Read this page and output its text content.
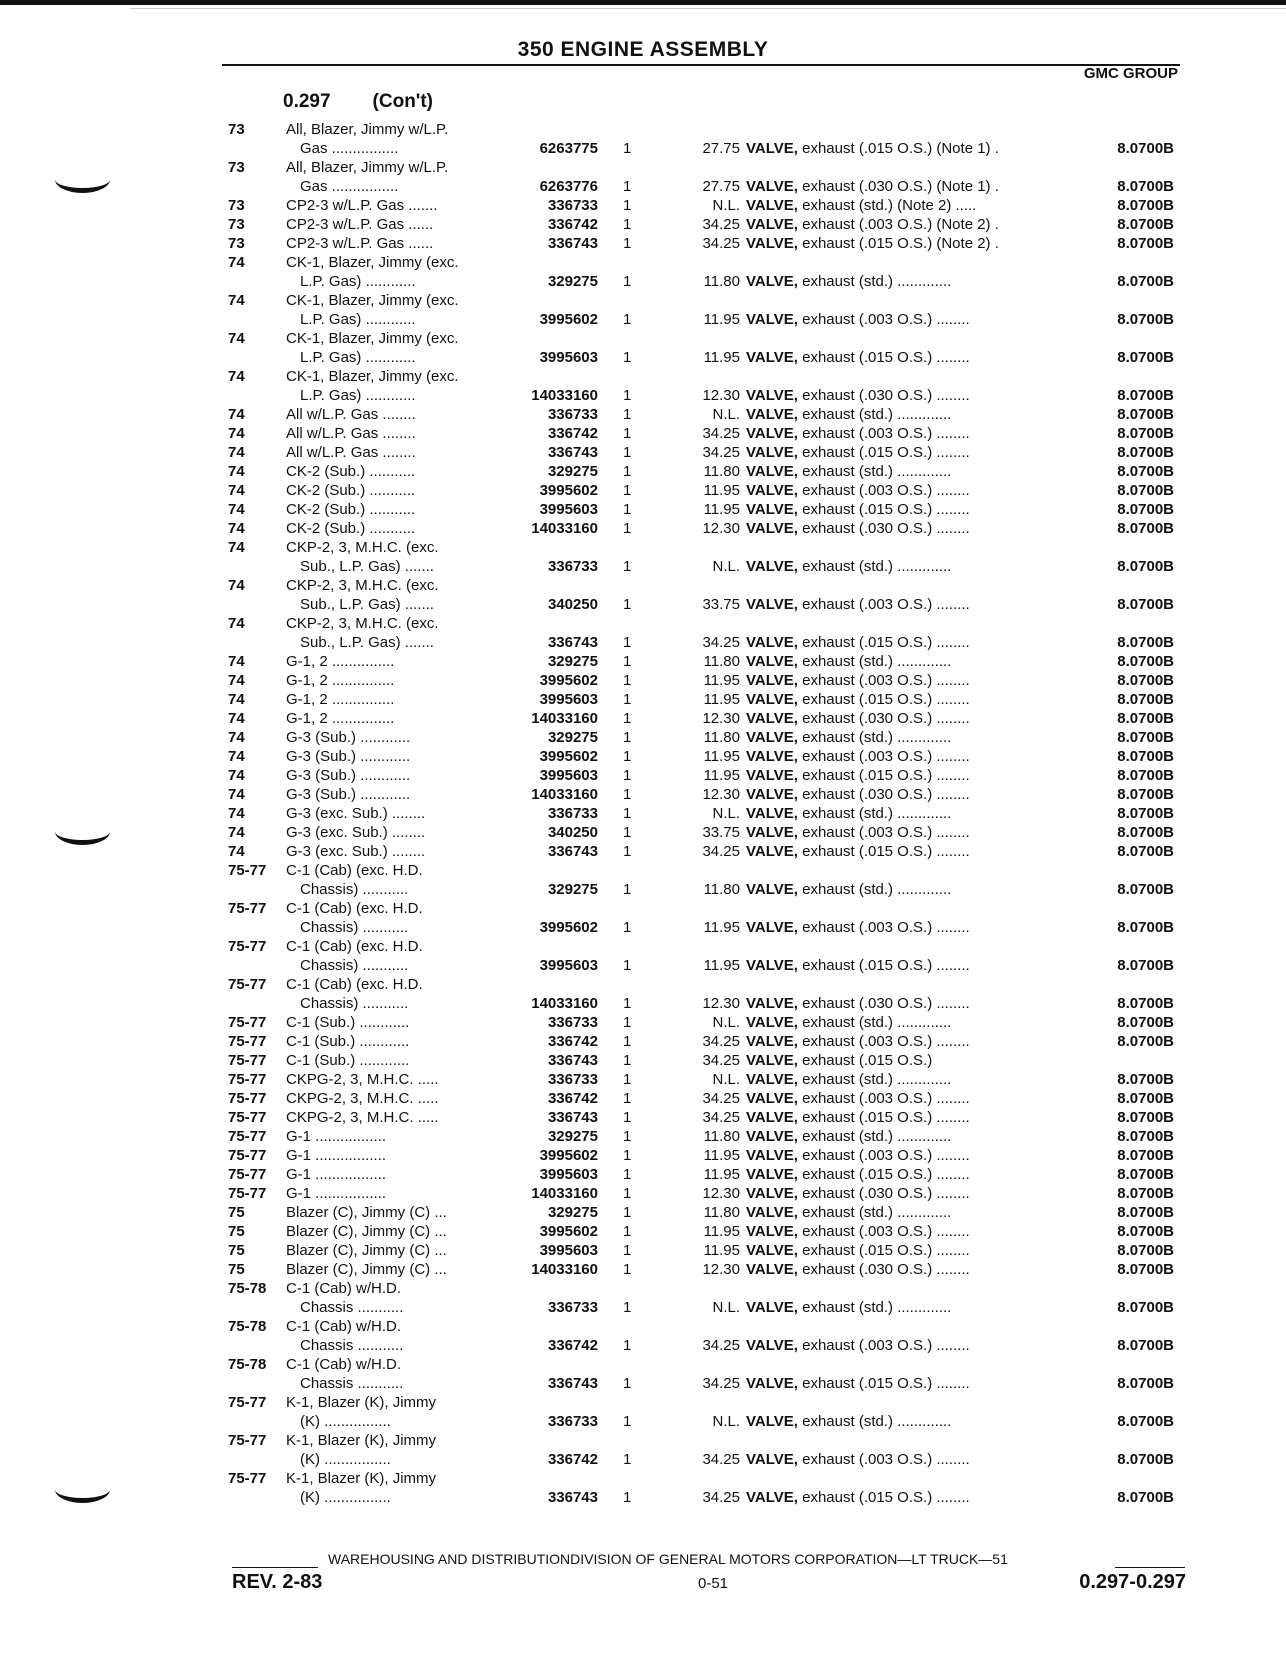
350 ENGINE ASSEMBLY
GMC GROUP
0.297 (Con't)
73	All, Blazer, Jimmy w/L.P.
Gas ................	6263775 1	27.75 VALVE, exhaust (.015 O.S.) (Note 1) .	8.0700B
73	All, Blazer, Jimmy w/L.P.
Gas ................	6263776 1	27.75 VALVE, exhaust (.030 O.S.) (Note 1) .	8.0700B
73	CP2-3 w/L.P. Gas .......	336733 1	N.L. VALVE, exhaust (std.) (Note 2) .....	8.0700B
73	CP2-3 w/L.P. Gas ......	336742 1	34.25 VALVE, exhaust (.003 O.S.) (Note 2) .	8.0700B
73	CP2-3 w/L.P. Gas ......	336743 1	34.25 VALVE, exhaust (.015 O.S.) (Note 2) .	8.0700B
74	CK-1, Blazer, Jimmy (exc.
L.P. Gas) ............	329275 1	11.80 VALVE, exhaust (std.) .............	8.0700B
74	CK-1, Blazer, Jimmy (exc.
L.P. Gas) ............	3995602 1	11.95 VALVE, exhaust (.003 O.S.) ........	8.0700B
74	CK-1, Blazer, Jimmy (exc.
L.P. Gas) ............	3995603 1	11.95 VALVE, exhaust (.015 O.S.) ........	8.0700B
74	CK-1, Blazer, Jimmy (exc.
L.P. Gas) ............	14033160 1	12.30 VALVE, exhaust (.030 O.S.) ........	8.0700B
74	All w/L.P. Gas ........	336733 1	N.L. VALVE, exhaust (std.) .............	8.0700B
74	All w/L.P. Gas ........	336742 1	34.25 VALVE, exhaust (.003 O.S.) ........	8.0700B
74	All w/L.P. Gas ........	336743 1	34.25 VALVE, exhaust (.015 O.S.) ........	8.0700B
74	CK-2 (Sub.) ...........	329275 1	11.80 VALVE, exhaust (std.) .............	8.0700B
74	CK-2 (Sub.) ...........	3995602 1	11.95 VALVE, exhaust (.003 O.S.) ........	8.0700B
74	CK-2 (Sub.) ...........	3995603 1	11.95 VALVE, exhaust (.015 O.S.) ........	8.0700B
74	CK-2 (Sub.) ...........	14033160 1	12.30 VALVE, exhaust (.030 O.S.) ........	8.0700B
74	CKP-2, 3, M.H.C. (exc.
Sub., L.P. Gas) .......	336733 1	N.L. VALVE, exhaust (std.) .............	8.0700B
74	CKP-2, 3, M.H.C. (exc.
Sub., L.P. Gas) .......	340250 1	33.75 VALVE, exhaust (.003 O.S.) ........	8.0700B
74	CKP-2, 3, M.H.C. (exc.
Sub., L.P. Gas) .......	336743 1	34.25 VALVE, exhaust (.015 O.S.) ........	8.0700B
74	G-1, 2 ...............	329275 1	11.80 VALVE, exhaust (std.) .............	8.0700B
74	G-1, 2 ...............	3995602 1	11.95 VALVE, exhaust (.003 O.S.) ........	8.0700B
74	G-1, 2 ...............	3995603 1	11.95 VALVE, exhaust (.015 O.S.) ........	8.0700B
74	G-1, 2 ...............	14033160 1	12.30 VALVE, exhaust (.030 O.S.) ........	8.0700B
74	G-3 (Sub.) ............	329275 1	11.80 VALVE, exhaust (std.) .............	8.0700B
74	G-3 (Sub.) ............	3995602 1	11.95 VALVE, exhaust (.003 O.S.) ........	8.0700B
74	G-3 (Sub.) ............	3995603 1	11.95 VALVE, exhaust (.015 O.S.) ........	8.0700B
74	G-3 (Sub.) ............	14033160 1	12.30 VALVE, exhaust (.030 O.S.) ........	8.0700B
74	G-3 (exc. Sub.) ........	336733 1	N.L. VALVE, exhaust (std.) .............	8.0700B
74	G-3 (exc. Sub.) ........	340250 1	33.75 VALVE, exhaust (.003 O.S.) ........	8.0700B
74	G-3 (exc. Sub.) ........	336743 1	34.25 VALVE, exhaust (.015 O.S.) ........	8.0700B
75-77 C-1 (Cab) (exc. H.D.
Chassis) ...........	329275 1	11.80 VALVE, exhaust (std.) .............	8.0700B
75-77 C-1 (Cab) (exc. H.D.
Chassis) ...........	3995602 1	11.95 VALVE, exhaust (.003 O.S.) ........	8.0700B
75-77 C-1 (Cab) (exc. H.D.
Chassis) ...........	3995603 1	11.95 VALVE, exhaust (.015 O.S.) ........	8.0700B
75-77 C-1 (Cab) (exc. H.D.
Chassis) ...........	14033160 1	12.30 VALVE, exhaust (.030 O.S.) ........	8.0700B
75-77 C-1 (Sub.) ............	336733 1	N.L. VALVE, exhaust (std.) .............	8.0700B
75-77 C-1 (Sub.) ............	336742 1	34.25 VALVE, exhaust (.003 O.S.) ........	8.0700B
75-77 C-1 (Sub.) ............	336743 1	34.25 VALVE, exhaust (.015 O.S.)
75-77 CKPG-2, 3, M.H.C. .....	336733 1	N.L. VALVE, exhaust (std.) .............	8.0700B
75-77 CKPG-2, 3, M.H.C. .....	336742 1	34.25 VALVE, exhaust (.003 O.S.) ........	8.0700B
75-77 CKPG-2, 3, M.H.C. .....	336743 1	34.25 VALVE, exhaust (.015 O.S.) ........	8.0700B
75-77 G-1 .................	329275 1	11.80 VALVE, exhaust (std.) .............	8.0700B
75-77 G-1 .................	3995602 1	11.95 VALVE, exhaust (.003 O.S.) ........	8.0700B
75-77 G-1 .................	3995603 1	11.95 VALVE, exhaust (.015 O.S.) ........	8.0700B
75-77 G-1 .................	14033160 1	12.30 VALVE, exhaust (.030 O.S.) ........	8.0700B
75	Blazer (C), Jimmy (C) ...	329275 1	11.80 VALVE, exhaust (std.) .............	8.0700B
75	Blazer (C), Jimmy (C) ...	3995602 1	11.95 VALVE, exhaust (.003 O.S.) ........	8.0700B
75	Blazer (C), Jimmy (C) ...	3995603 1	11.95 VALVE, exhaust (.015 O.S.) ........	8.0700B
75	Blazer (C), Jimmy (C) ...	14033160 1	12.30 VALVE, exhaust (.030 O.S.) ........	8.0700B
75-78 C-1 (Cab) w/H.D.
Chassis ...........	336733 1	N.L. VALVE, exhaust (std.) .............	8.0700B
75-78 C-1 (Cab) w/H.D.
Chassis ...........	336742 1	34.25 VALVE, exhaust (.003 O.S.) ........	8.0700B
75-78 C-1 (Cab) w/H.D.
Chassis ...........	336743 1	34.25 VALVE, exhaust (.015 O.S.) ........	8.0700B
75-77 K-1, Blazer (K), Jimmy
(K) ................	336733 1	N.L. VALVE, exhaust (std.) .............	8.0700B
75-77 K-1, Blazer (K), Jimmy
(K) ................	336742 1	34.25 VALVE, exhaust (.003 O.S.) ........	8.0700B
75-77 K-1, Blazer (K), Jimmy
(K) ................	336743 1	34.25 VALVE, exhaust (.015 O.S.) ........	8.0700B
WAREHOUSING AND DISTRIBUTIONDIVISION OF GENERAL MOTORS CORPORATION—LT TRUCK—51
REV. 2-83	0-51	0.297-0.297
